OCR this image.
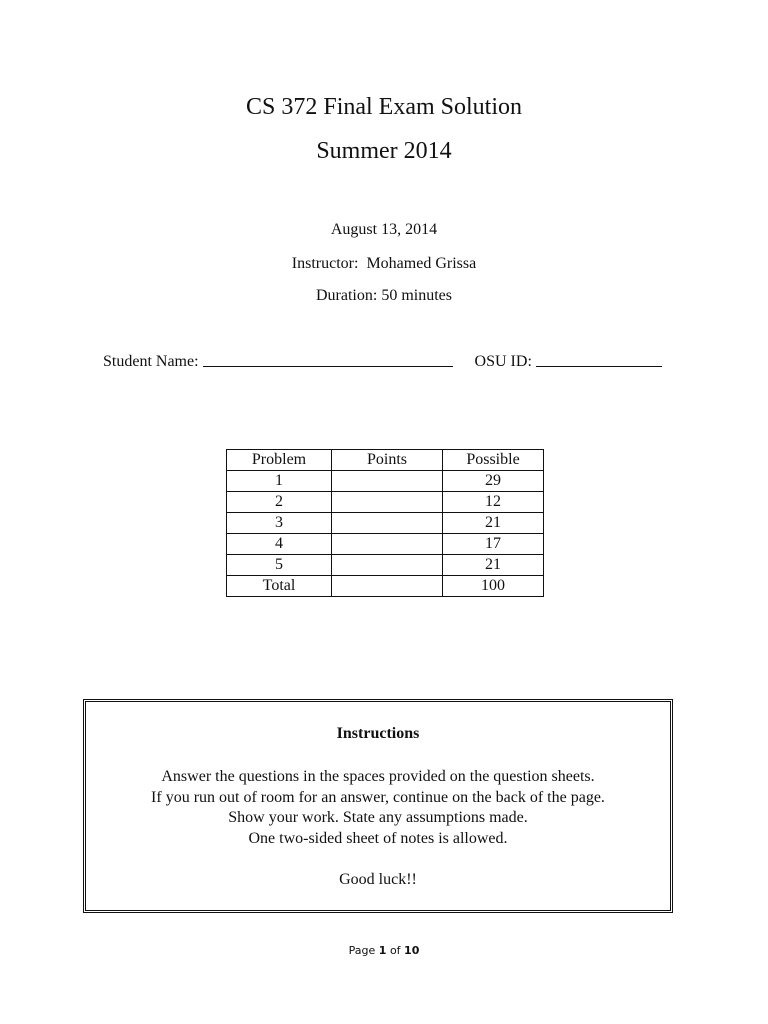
CS 372 Final Exam Solution
Summer 2014
August 13, 2014
Instructor: Mohamed Grissa
Duration: 50 minutes
Student Name:	OSU ID:
Problem	Points	Possible
1		29
2		12
3		21
4		17
5		21
Total		100
Instructions
Answer the questions in the spaces provided on the question sheets.
If you run out of room for an answer, continue on the back of the page.
Show your work. State any assumptions made.
One two-sided sheet of notes is allowed.
Good luck!!
Page 1 of 10
